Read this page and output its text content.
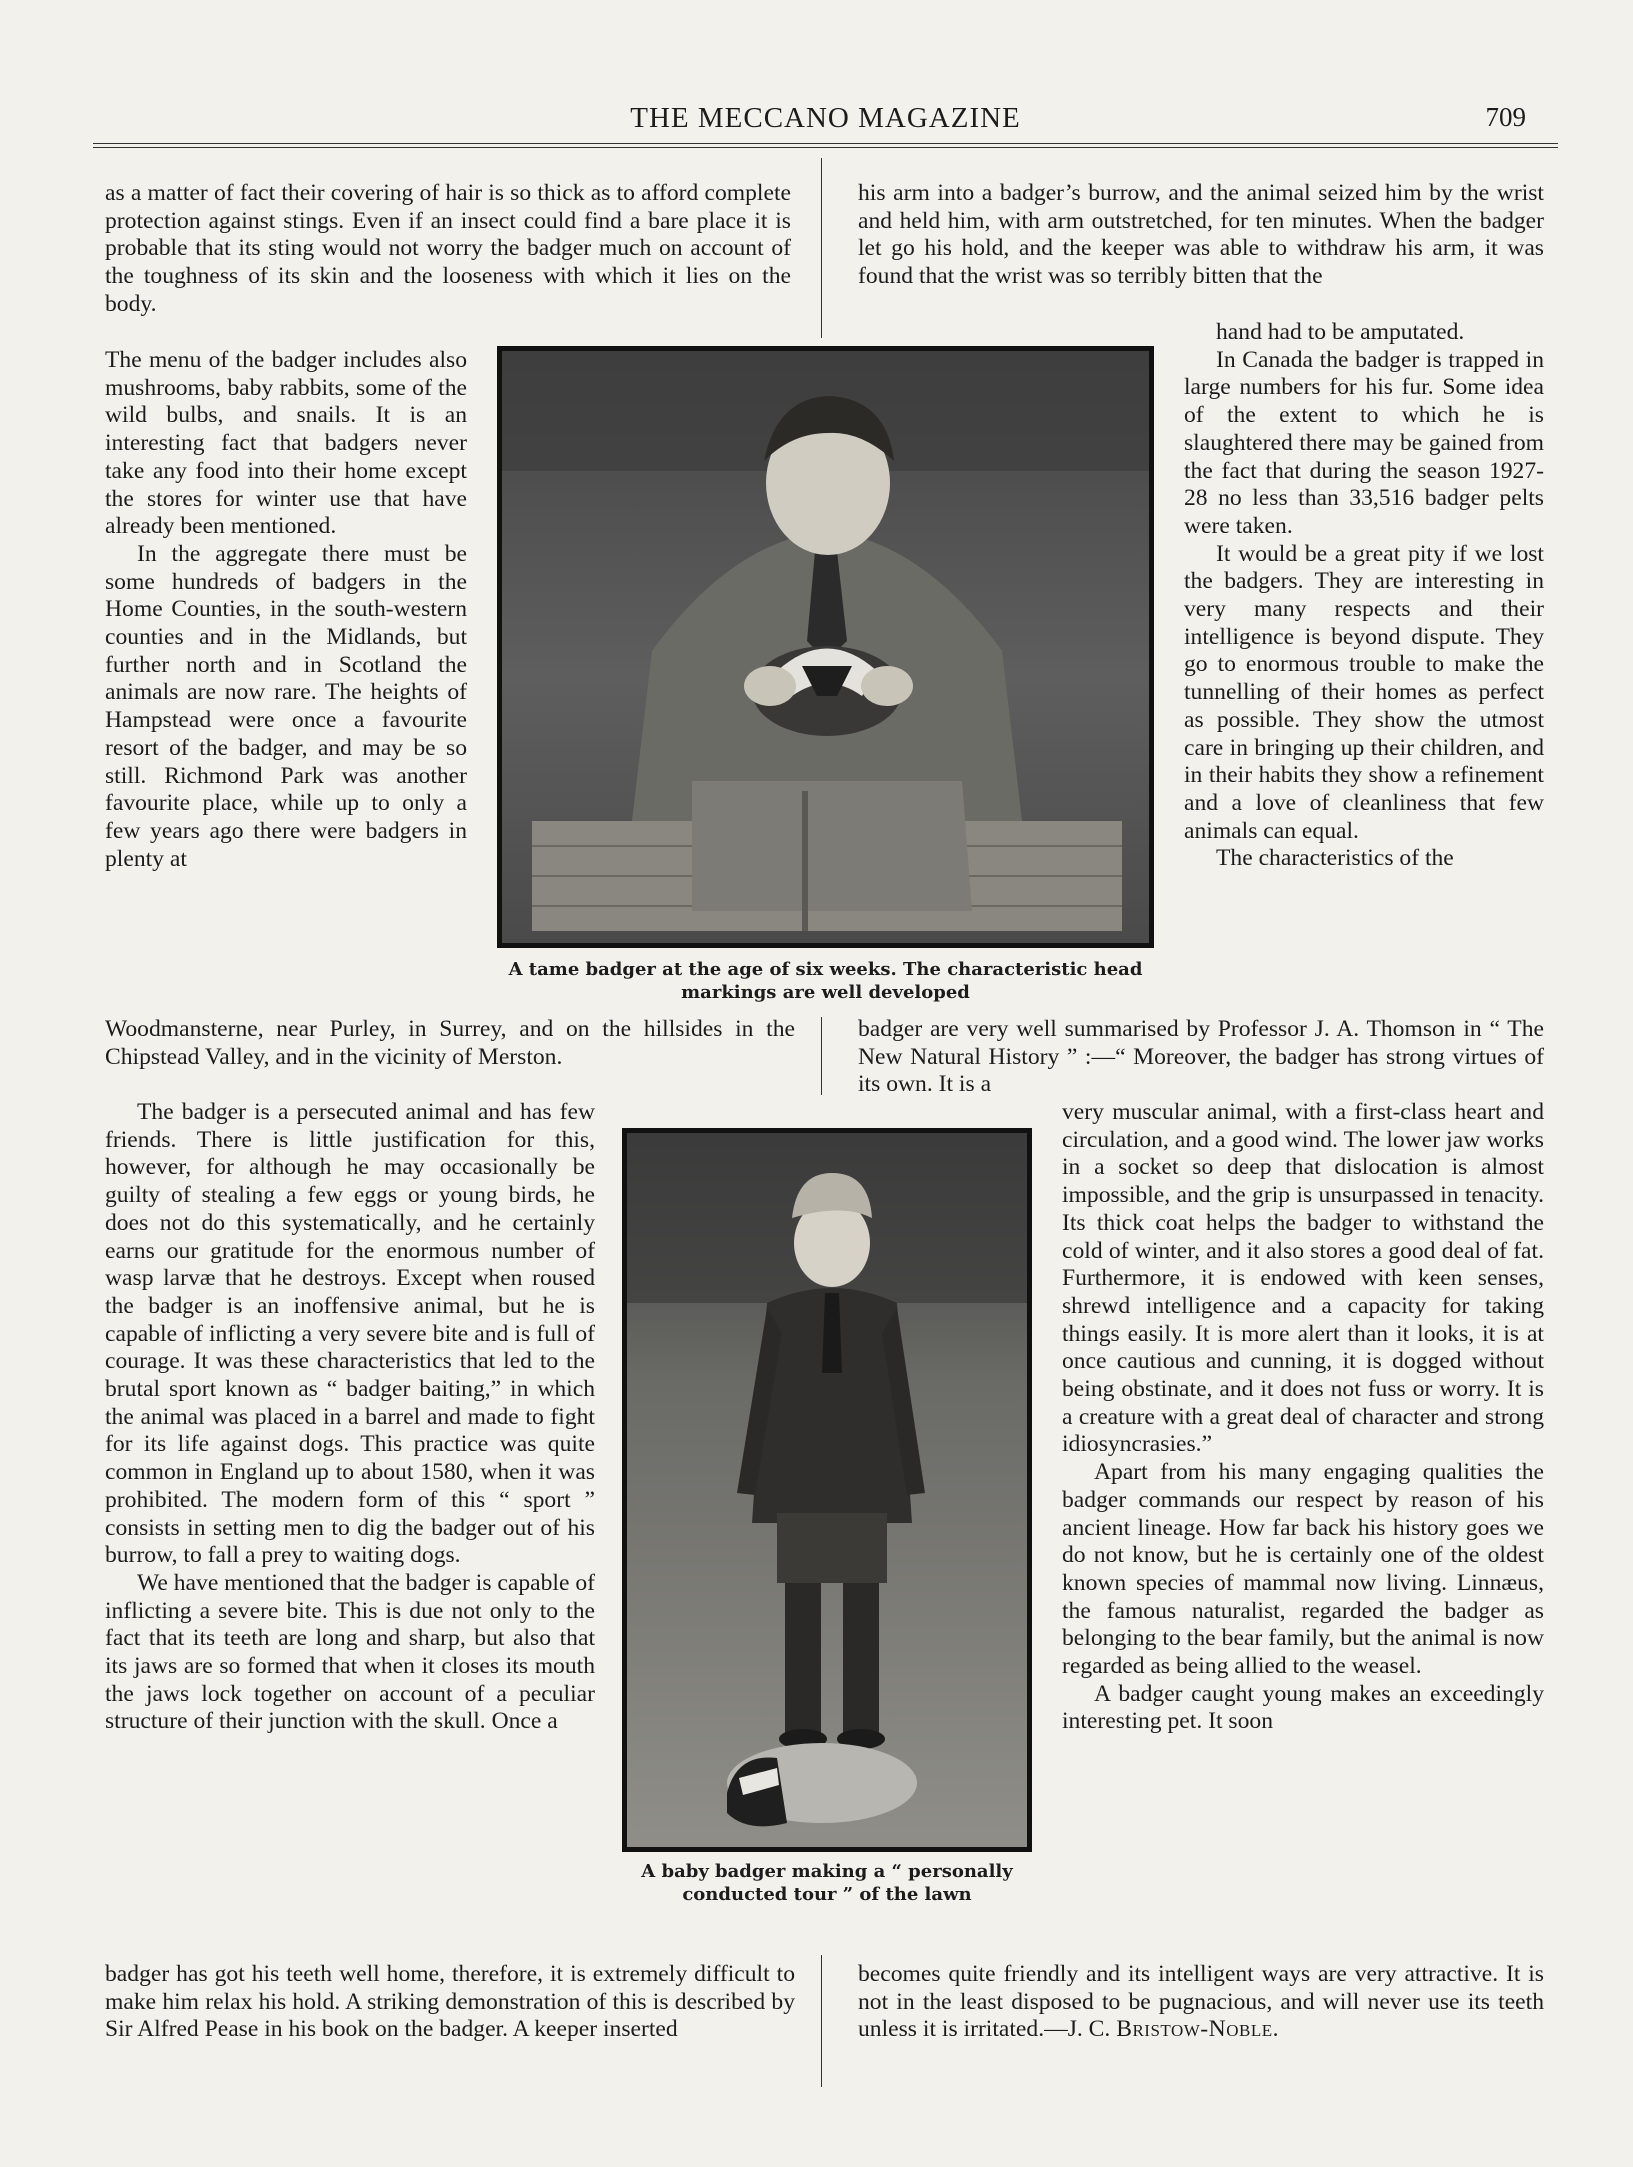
THE MECCANO MAGAZINE	709

as a matter of fact their covering of hair is so thick as to afford complete protection against stings. Even if an insect could find a bare place it is probable that its sting would not worry the badger much on account of the toughness of its skin and the looseness with which it lies on the body.

The menu of the badger includes also mushrooms, baby rabbits, some of the wild bulbs, and snails. It is an interesting fact that badgers never take any food into their home except the stores for winter use that have already been mentioned.

In the aggregate there must be some hundreds of badgers in the Home Counties, in the south-western counties and in the Midlands, but further north and in Scotland the animals are now rare. The heights of Hampstead were once a favourite resort of the badger, and may be so still. Richmond Park was another favourite place, while up to only a few years ago there were badgers in plenty at

Woodmansterne, near Purley, in Surrey, and on the hillsides in the Chipstead Valley, and in the vicinity of Merston.

The badger is a persecuted animal and has few friends. There is little justification for this, however, for although he may occasionally be guilty of stealing a few eggs or young birds, he does not do this systematically, and he certainly earns our gratitude for the enormous number of wasp larvæ that he destroys. Except when roused the badger is an inoffensive animal, but he is capable of inflicting a very severe bite and is full of courage. It was these characteristics that led to the brutal sport known as “ badger baiting,” in which the animal was placed in a barrel and made to fight for its life against dogs. This practice was quite common in England up to about 1580, when it was prohibited. The modern form of this “ sport ” consists in setting men to dig the badger out of his burrow, to fall a prey to waiting dogs.

We have mentioned that the badger is capable of inflicting a severe bite. This is due not only to the fact that its teeth are long and sharp, but also that its jaws are so formed that when it closes its mouth the jaws lock together on account of a peculiar structure of their junction with the skull. Once a

badger has got his teeth well home, therefore, it is extremely difficult to make him relax his hold. A striking demonstration of this is described by Sir Alfred Pease in his book on the badger. A keeper inserted

his arm into a badger’s burrow, and the animal seized him by the wrist and held him, with arm outstretched, for ten minutes. When the badger let go his hold, and the keeper was able to withdraw his arm, it was found that the wrist was so terribly bitten that the

hand had to be amputated.

In Canada the badger is trapped in large numbers for his fur. Some idea of the extent to which he is slaughtered there may be gained from the fact that during the season 1927-28 no less than 33,516 badger pelts were taken.

It would be a great pity if we lost the badgers. They are interesting in very many respects and their intelligence is beyond dispute. They go to enormous trouble to make the tunnelling of their homes as perfect as possible. They show the utmost care in bringing up their children, and in their habits they show a refinement and a love of cleanliness that few animals can equal.

The characteristics of the

badger are very well summarised by Professor J. A. Thomson in “ The New Natural History ” :—“ Moreover, the badger has strong virtues of its own. It is a

very muscular animal, with a first-class heart and circulation, and a good wind. The lower jaw works in a socket so deep that dislocation is almost impossible, and the grip is unsurpassed in tenacity. Its thick coat helps the badger to withstand the cold of winter, and it also stores a good deal of fat. Furthermore, it is endowed with keen senses, shrewd intelligence and a capacity for taking things easily. It is more alert than it looks, it is at once cautious and cunning, it is dogged without being obstinate, and it does not fuss or worry. It is a creature with a great deal of character and strong idiosyncrasies.”

Apart from his many engaging qualities the badger commands our respect by reason of his ancient lineage. How far back his history goes we do not know, but he is certainly one of the oldest known species of mammal now living. Linnæus, the famous naturalist, regarded the badger as belonging to the bear family, but the animal is now regarded as being allied to the weasel.

A badger caught young makes an exceedingly interesting pet. It soon

becomes quite friendly and its intelligent ways are very attractive. It is not in the least disposed to be pugnacious, and will never use its teeth unless it is irritated.—J. C. Bristow-Noble.

A tame badger at the age of six weeks. The characteristic head markings are well developed
A baby badger making a “ personally conducted tour ” of the lawn
